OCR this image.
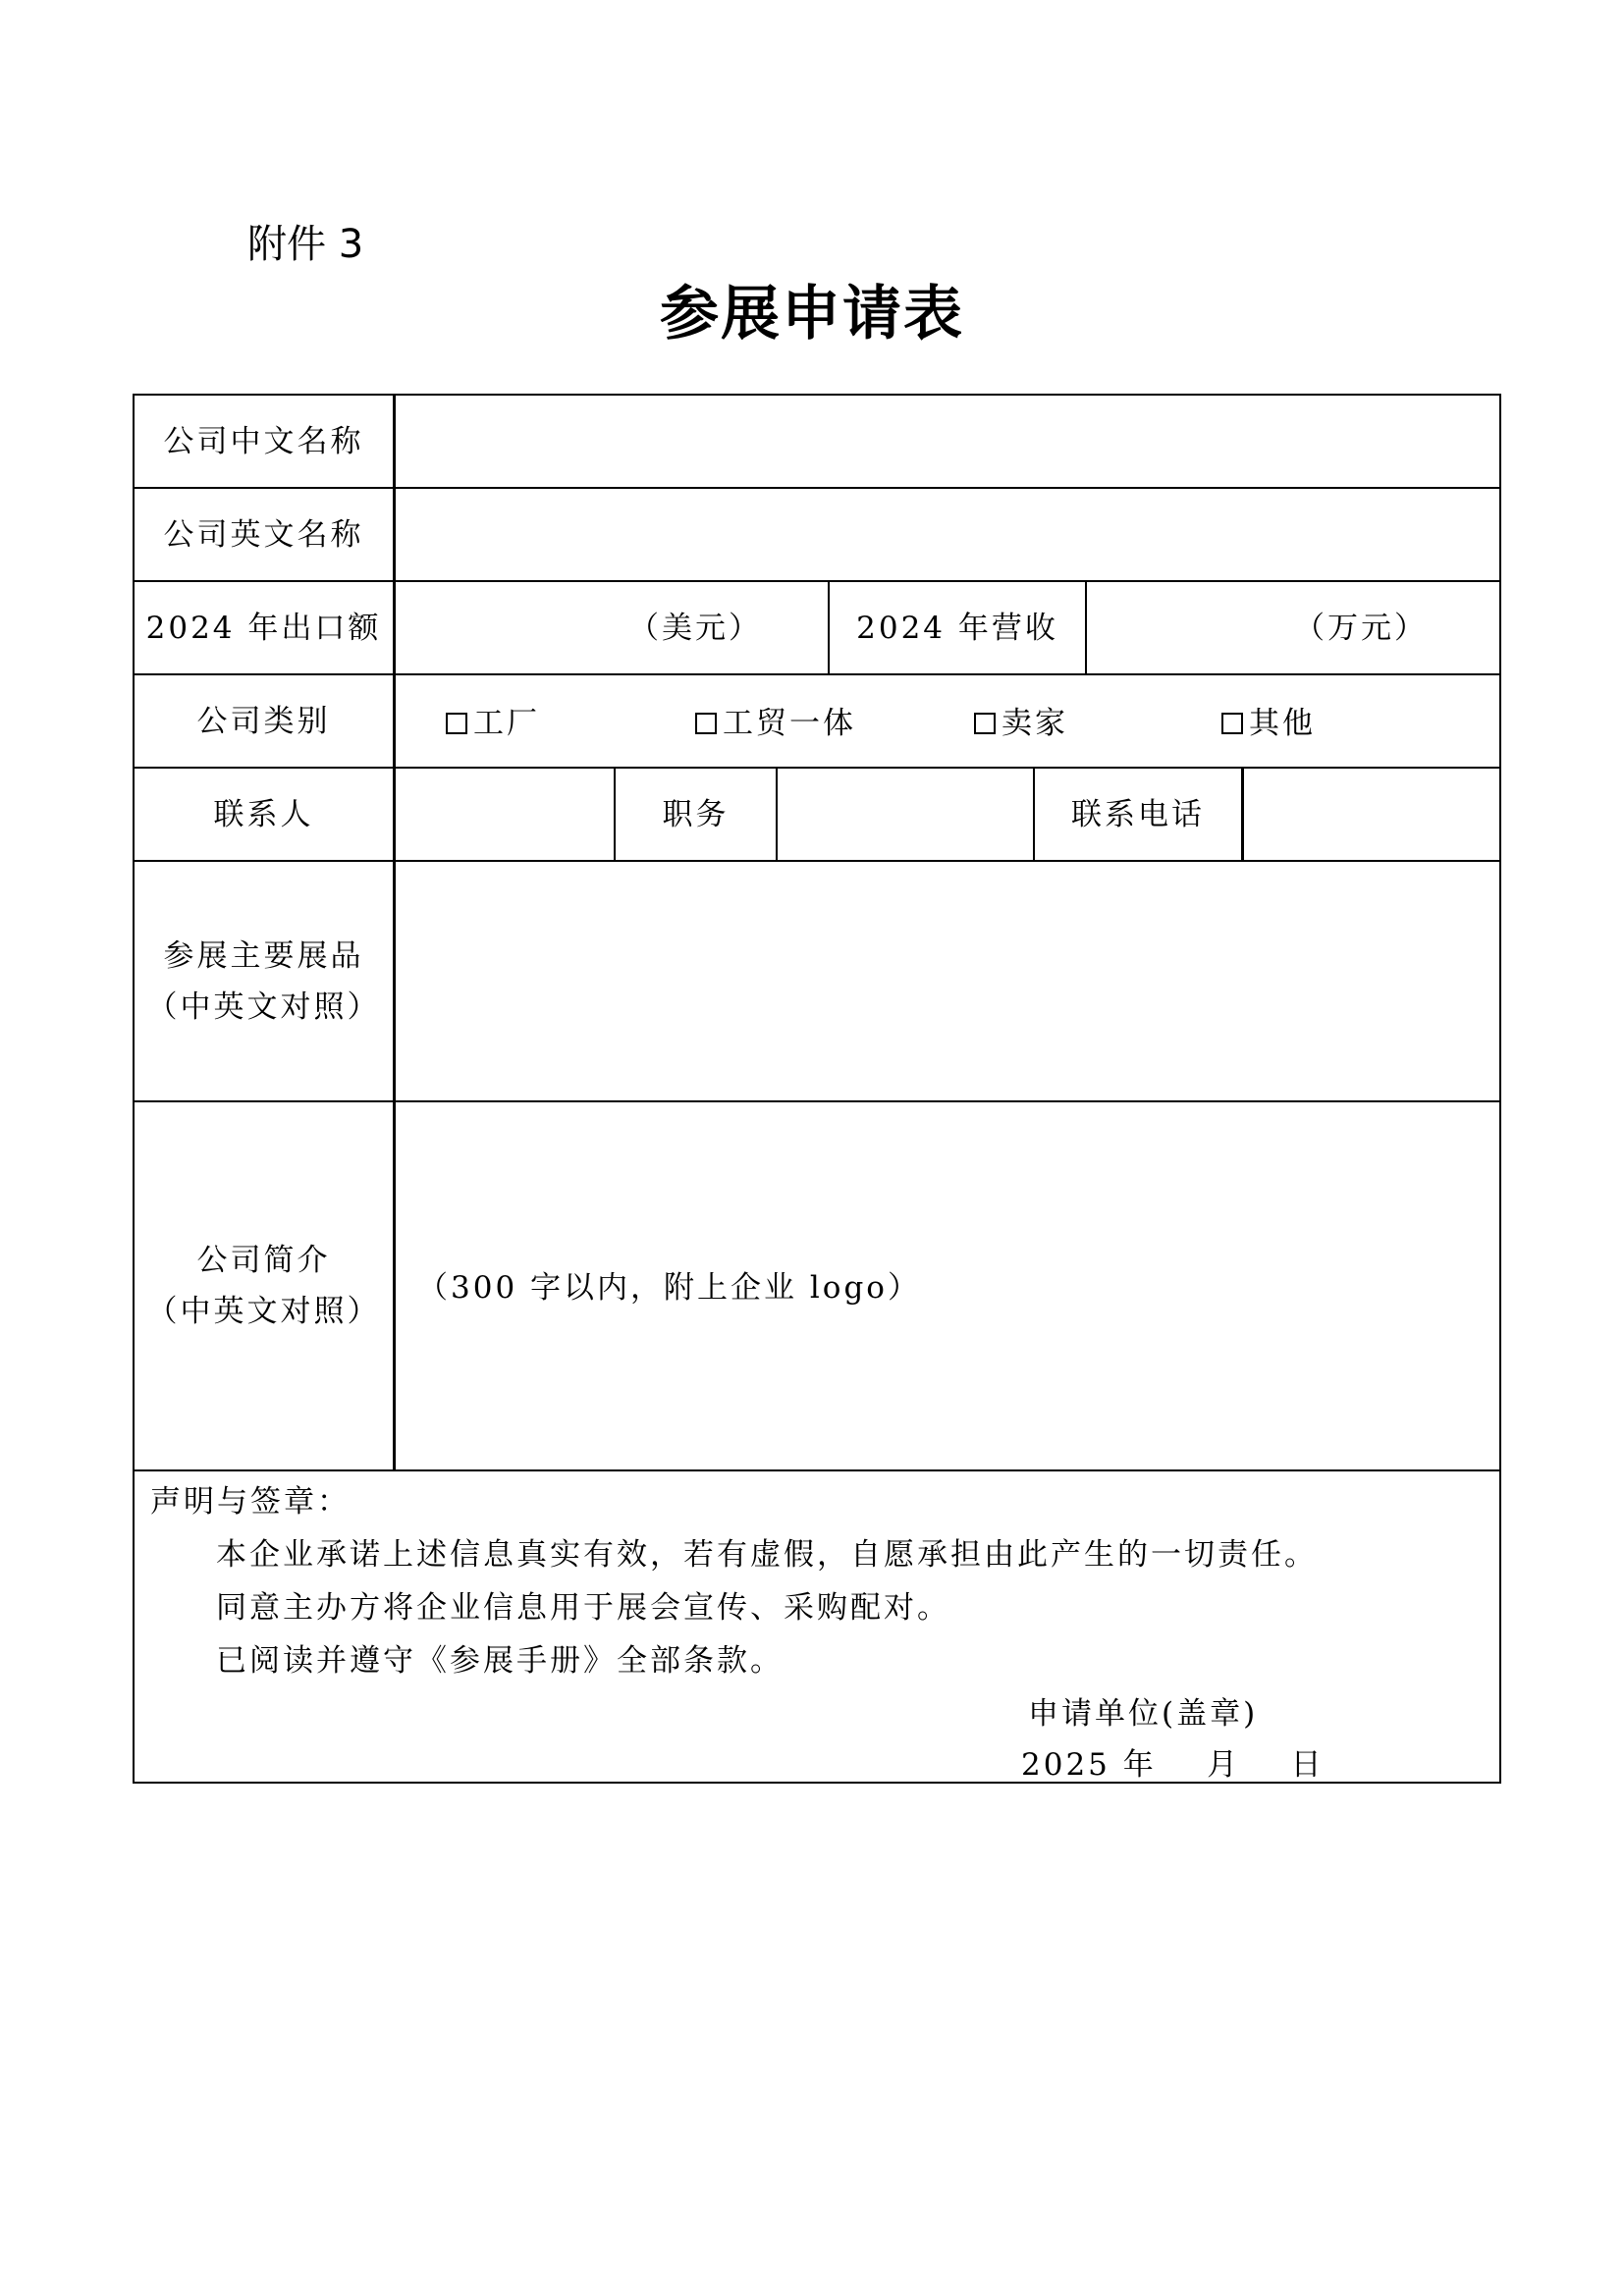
附件 3
参展申请表
公司中文名称
公司英文名称
2024 年出口额	（美元）	2024 年营收	（万元）
公司类别	工厂	工贸一体	卖家	其他
联系人	职务	联系电话
参展主要展品
（中英文对照）
公司简介
（中英文对照）
（300 字以内，附上企业 logo）
声明与签章：
本企业承诺上述信息真实有效，若有虚假，自愿承担由此产生的一切责任。
同意主办方将企业信息用于展会宣传、采购配对。
已阅读并遵守《参展手册》全部条款。
申请单位(盖章)
2025 年    月    日
